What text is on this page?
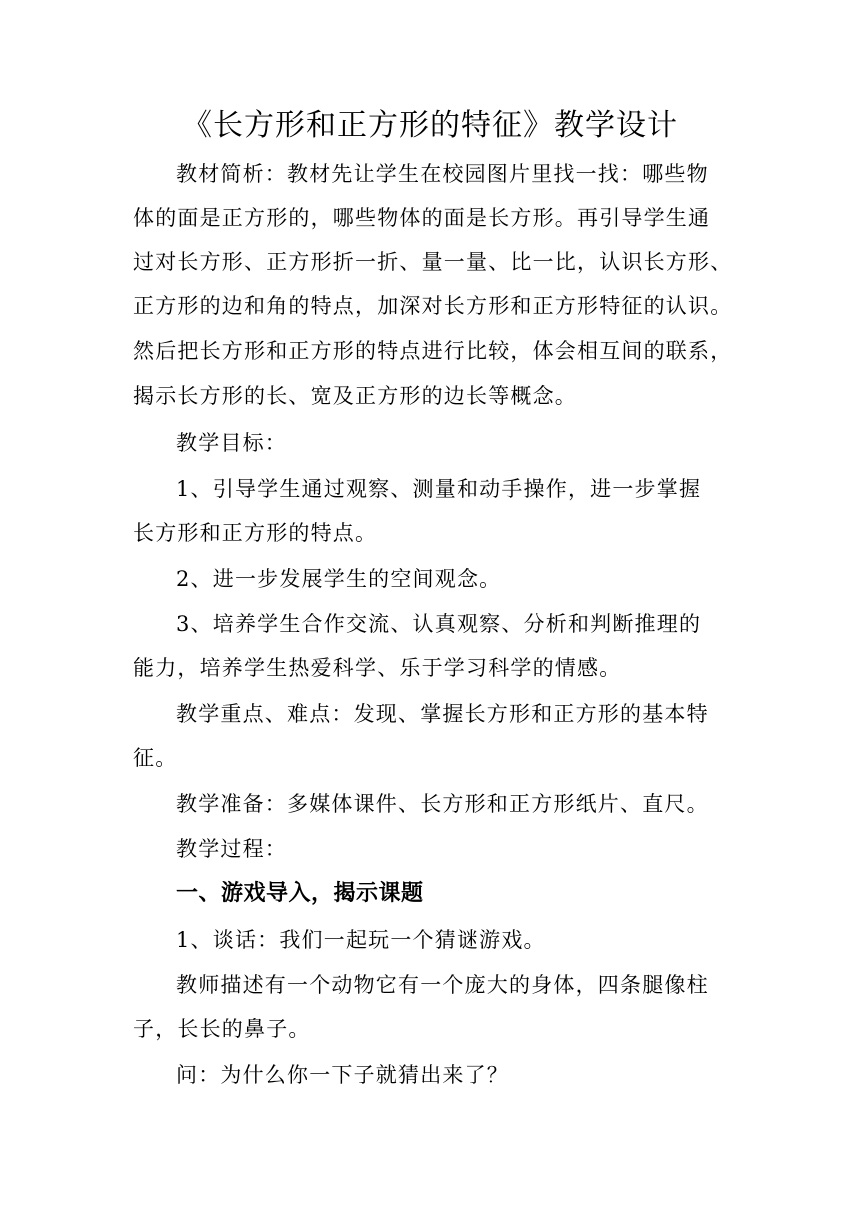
《长方形和正方形的特征》教学设计
教材简析：教材先让学生在校园图片里找一找：哪些物
体的面是正方形的，哪些物体的面是长方形。再引导学生通
过对长方形、正方形折一折、量一量、比一比，认识长方形、
正方形的边和角的特点，加深对长方形和正方形特征的认识。
然后把长方形和正方形的特点进行比较，体会相互间的联系，
揭示长方形的长、宽及正方形的边长等概念。
教学目标：
1、引导学生通过观察、测量和动手操作，进一步掌握
长方形和正方形的特点。
2、进一步发展学生的空间观念。
3、培养学生合作交流、认真观察、分析和判断推理的
能力，培养学生热爱科学、乐于学习科学的情感。
教学重点、难点：发现、掌握长方形和正方形的基本特
征。
教学准备：多媒体课件、长方形和正方形纸片、直尺。
教学过程：
一、游戏导入，揭示课题
1、谈话：我们一起玩一个猜谜游戏。
教师描述有一个动物它有一个庞大的身体，四条腿像柱
子，长长的鼻子。
问：为什么你一下子就猜出来了？
